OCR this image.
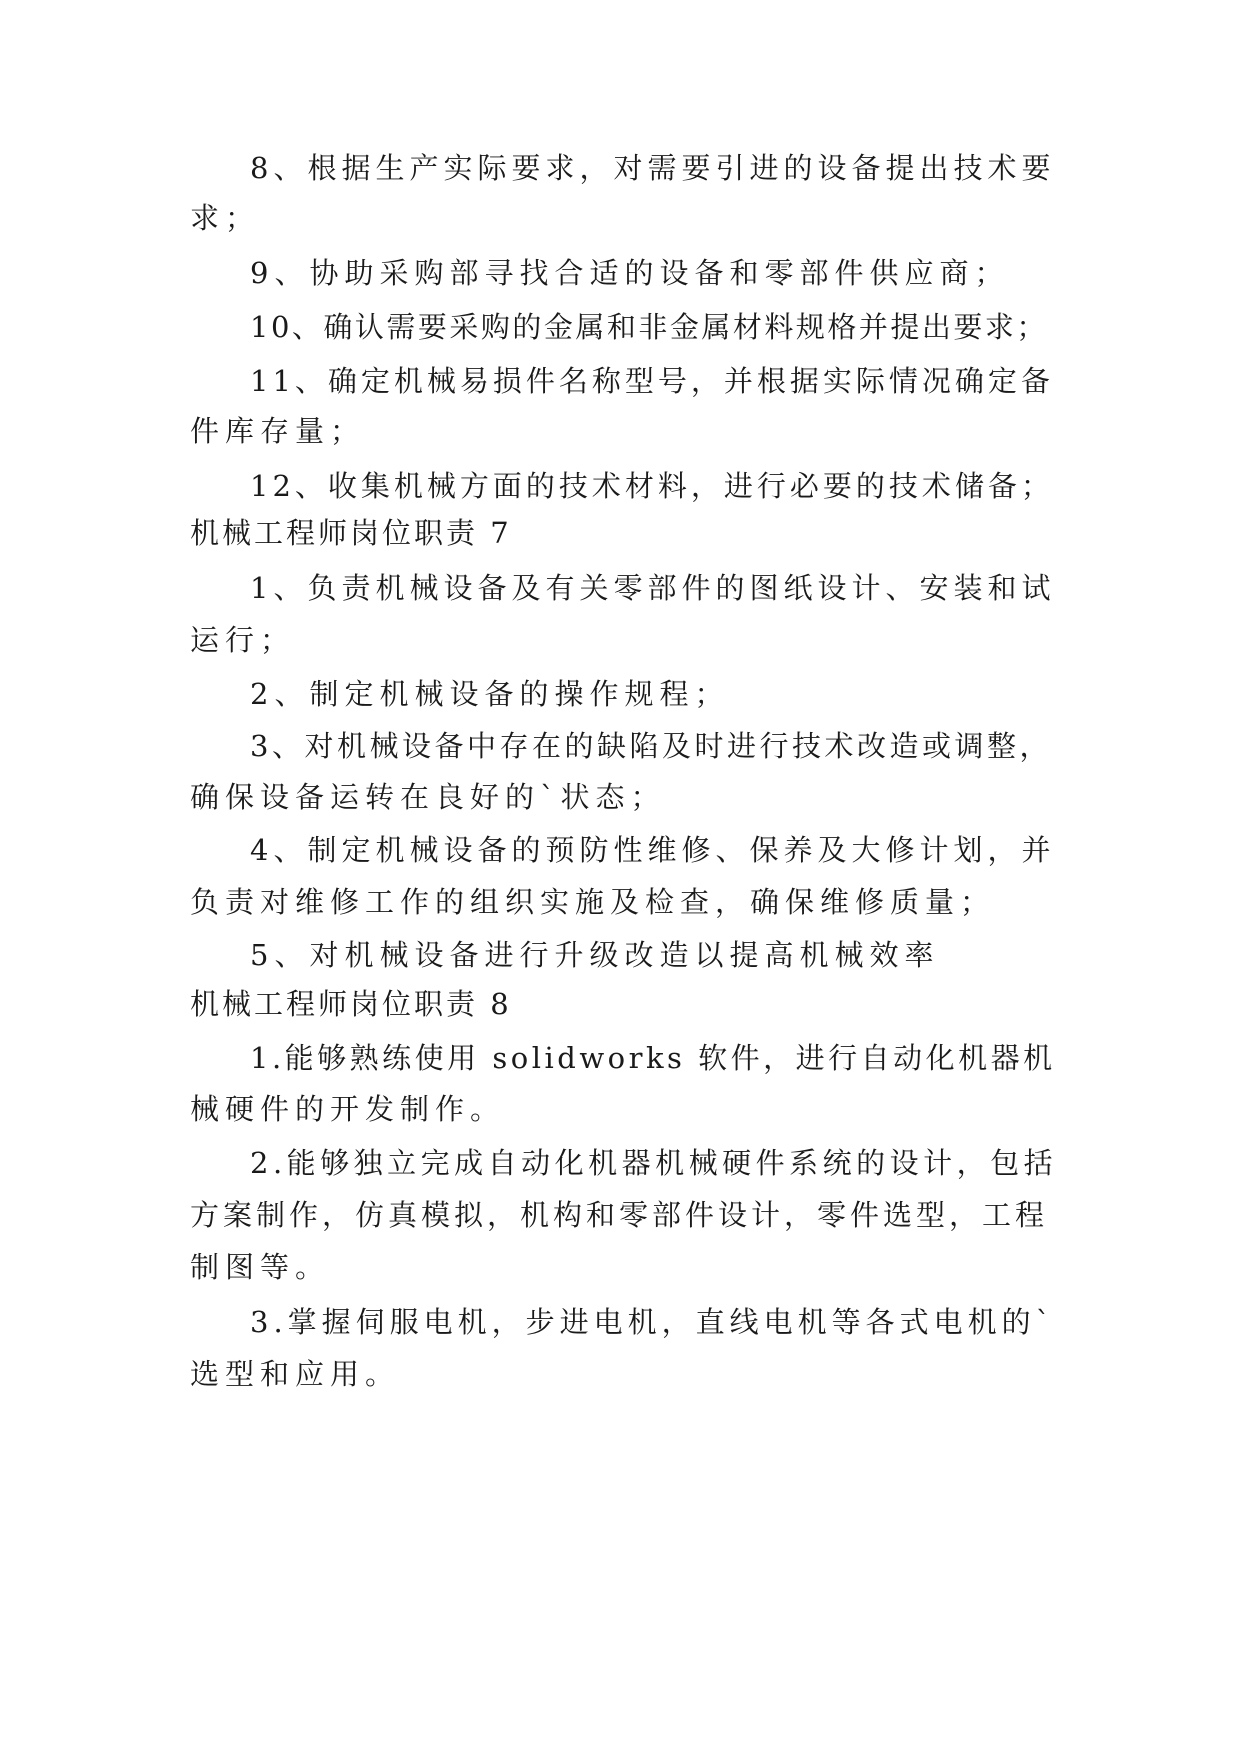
8、根据生产实际要求，对需要引进的设备提出技术要
求；
9、协助采购部寻找合适的设备和零部件供应商；
10、确认需要采购的金属和非金属材料规格并提出要求；
11、确定机械易损件名称型号，并根据实际情况确定备
件库存量；
12、收集机械方面的技术材料，进行必要的技术储备；
机械工程师岗位职责 7
1、负责机械设备及有关零部件的图纸设计、安装和试
运行；
2、制定机械设备的操作规程；
3、对机械设备中存在的缺陷及时进行技术改造或调整，
确保设备运转在良好的`状态；
4、制定机械设备的预防性维修、保养及大修计划，并
负责对维修工作的组织实施及检查，确保维修质量；
5、对机械设备进行升级改造以提高机械效率
机械工程师岗位职责 8
1.能够熟练使用 solidworks 软件，进行自动化机器机
械硬件的开发制作。
2.能够独立完成自动化机器机械硬件系统的设计，包括
方案制作，仿真模拟，机构和零部件设计，零件选型，工程
制图等。
3.掌握伺服电机，步进电机，直线电机等各式电机的`
选型和应用。
